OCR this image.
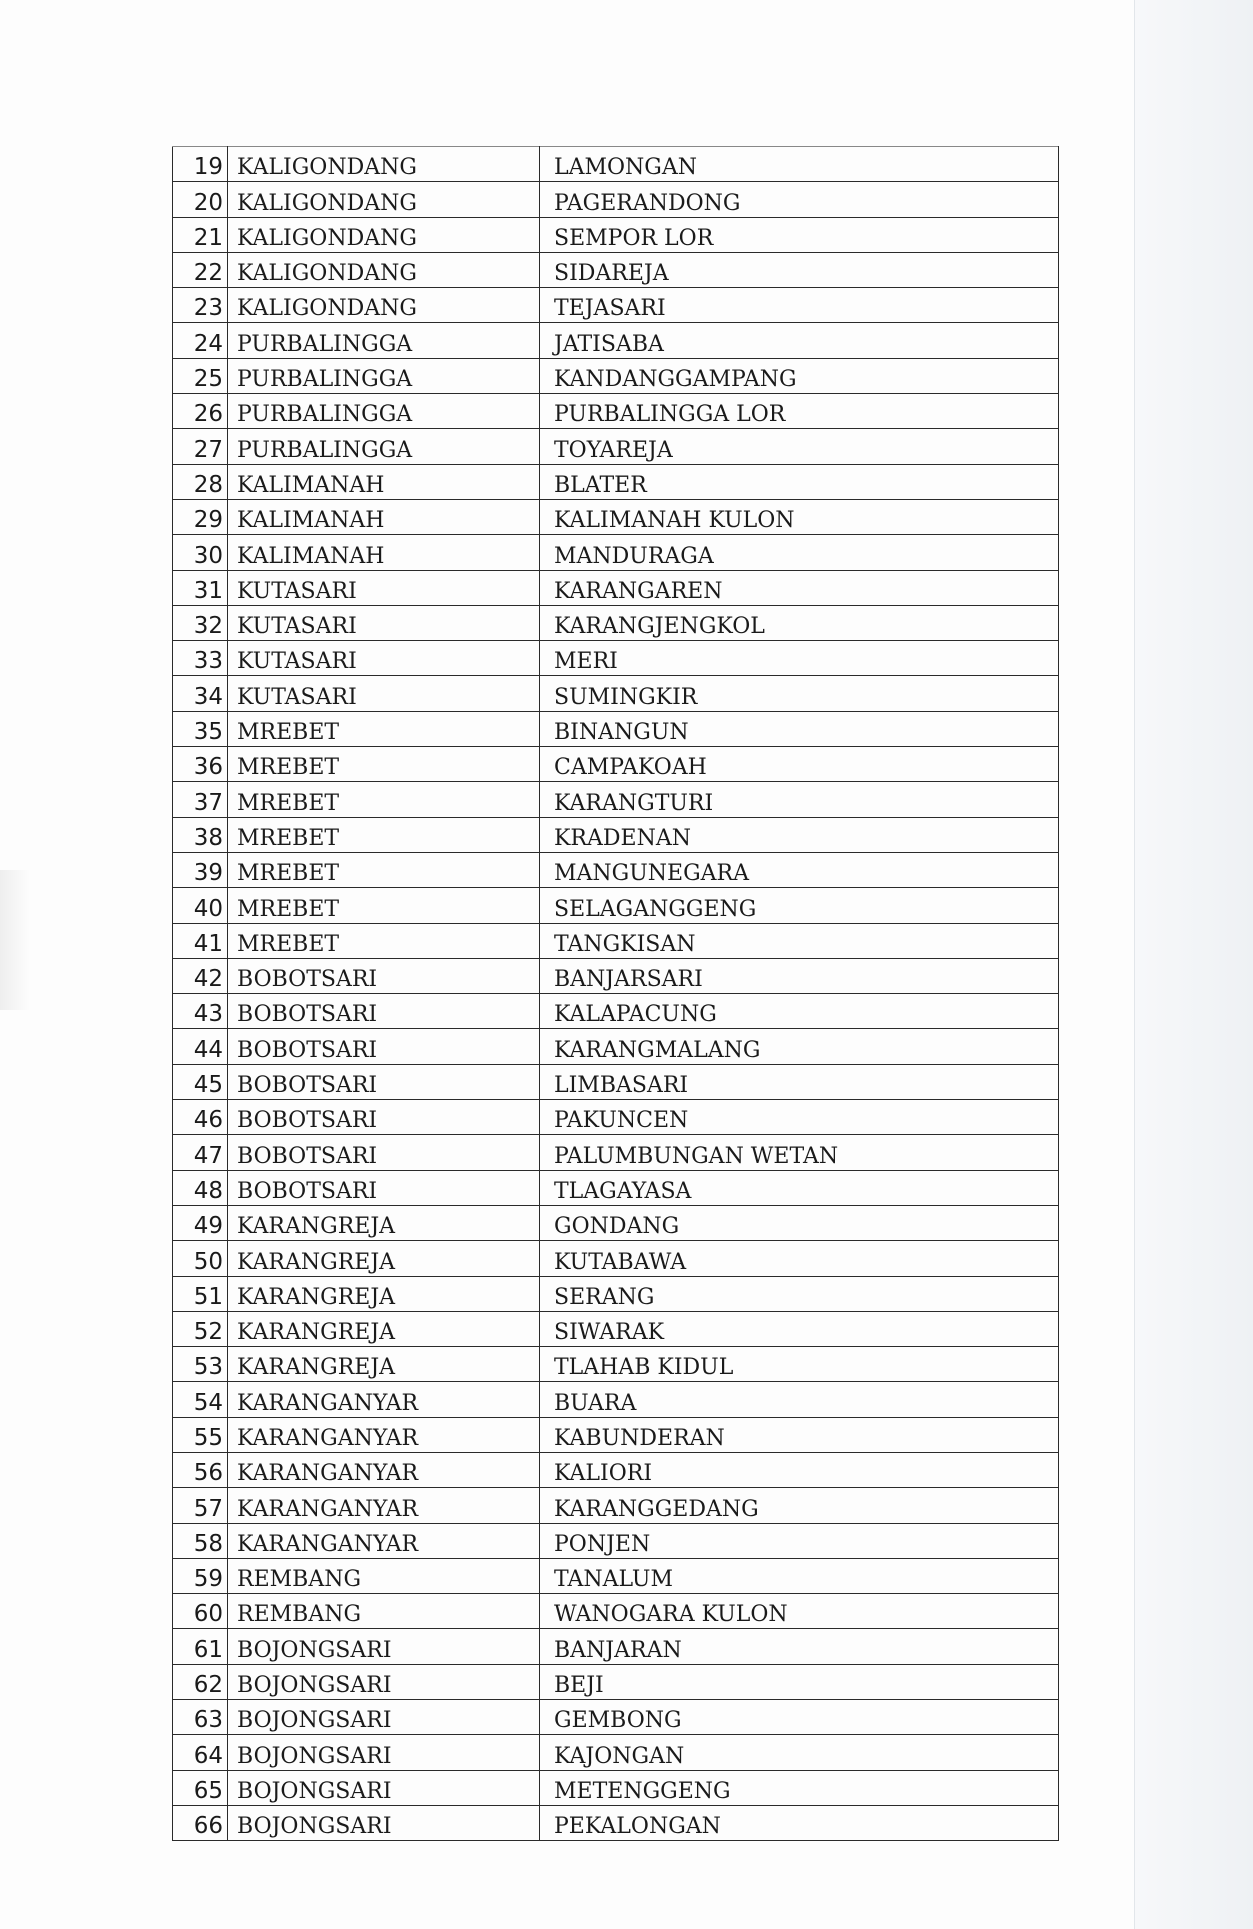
19	KALIGONDANG	LAMONGAN
20	KALIGONDANG	PAGERANDONG
21	KALIGONDANG	SEMPOR LOR
22	KALIGONDANG	SIDAREJA
23	KALIGONDANG	TEJASARI
24	PURBALINGGA	JATISABA
25	PURBALINGGA	KANDANGGAMPANG
26	PURBALINGGA	PURBALINGGA LOR
27	PURBALINGGA	TOYAREJA
28	KALIMANAH	BLATER
29	KALIMANAH	KALIMANAH KULON
30	KALIMANAH	MANDURAGA
31	KUTASARI	KARANGAREN
32	KUTASARI	KARANGJENGKOL
33	KUTASARI	MERI
34	KUTASARI	SUMINGKIR
35	MREBET	BINANGUN
36	MREBET	CAMPAKOAH
37	MREBET	KARANGTURI
38	MREBET	KRADENAN
39	MREBET	MANGUNEGARA
40	MREBET	SELAGANGGENG
41	MREBET	TANGKISAN
42	BOBOTSARI	BANJARSARI
43	BOBOTSARI	KALAPACUNG
44	BOBOTSARI	KARANGMALANG
45	BOBOTSARI	LIMBASARI
46	BOBOTSARI	PAKUNCEN
47	BOBOTSARI	PALUMBUNGAN WETAN
48	BOBOTSARI	TLAGAYASA
49	KARANGREJA	GONDANG
50	KARANGREJA	KUTABAWA
51	KARANGREJA	SERANG
52	KARANGREJA	SIWARAK
53	KARANGREJA	TLAHAB KIDUL
54	KARANGANYAR	BUARA
55	KARANGANYAR	KABUNDERAN
56	KARANGANYAR	KALIORI
57	KARANGANYAR	KARANGGEDANG
58	KARANGANYAR	PONJEN
59	REMBANG	TANALUM
60	REMBANG	WANOGARA KULON
61	BOJONGSARI	BANJARAN
62	BOJONGSARI	BEJI
63	BOJONGSARI	GEMBONG
64	BOJONGSARI	KAJONGAN
65	BOJONGSARI	METENGGENG
66	BOJONGSARI	PEKALONGAN
